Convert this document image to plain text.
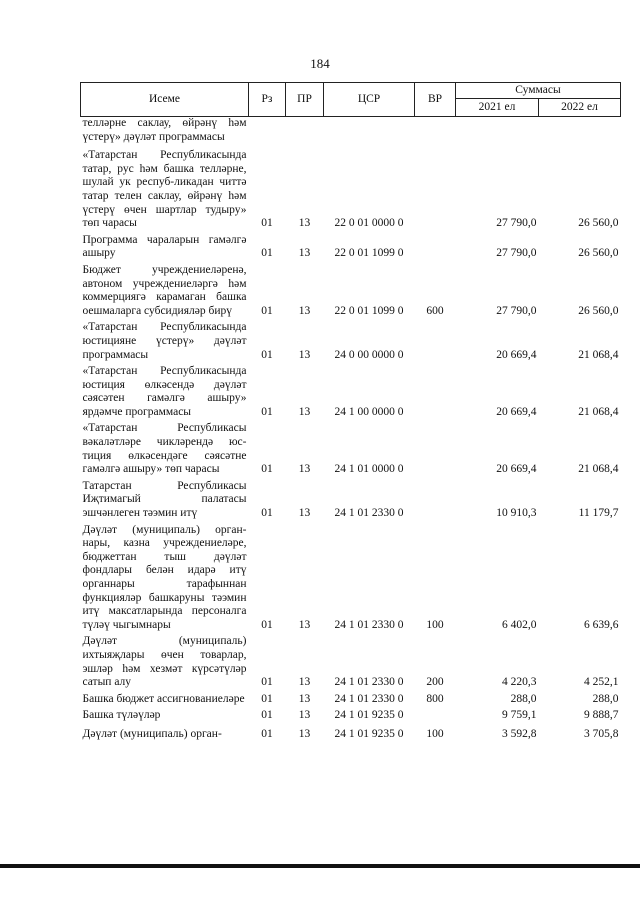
184
Исеме	Рз	ПР	ЦСР	ВР	Суммасы	
					2021 ел	2022 ел
телләрне саклау, өйрәнү һәм үстерү» дәүләт программасы						
«Татарстан Республикасында татар, рус һәм башка телләрне, шулай ук респуб-ликадан читтә татар телен саклау, өйрәнү һәм үстерү өчен шартлар тудыру» төп чарасы	01	13	22 0 01 0000 0		27 790,0	26 560,0
Программа чараларын гамәлгә ашыру	01	13	22 0 01 1099 0		27 790,0	26 560,0
Бюджет учреждениеләренә, автоном учреждениеләргә һәм коммерциягә карамаган башка оешмаларга субсидияләр бирү	01	13	22 0 01 1099 0	600	27 790,0	26 560,0
«Татарстан Республикасында юстицияне үстерү» дәүләт программасы	01	13	24 0 00 0000 0		20 669,4	21 068,4
«Татарстан Республикасында юстиция өлкәсендә дәүләт сәясәтен гамәлгә ашыру» ярдәмче программасы	01	13	24 1 00 0000 0		20 669,4	21 068,4
«Татарстан Республикасы вәкаләтләре чикләрендә юс-тиция өлкәсендәге сәясәтне гамәлгә ашыру» төп чарасы	01	13	24 1 01 0000 0		20 669,4	21 068,4
Татарстан Республикасы Иҗтимагый палатасы эшчәнлеген тәэмин итү	01	13	24 1 01 2330 0		10 910,3	11 179,7
Дәүләт (муниципаль) орган-нары, казна учреждениеләре, бюджеттан тыш дәүләт фондлары белән идарә итү органнары тарафыннан функцияләр башкаруны тәэмин итү максатларында персоналга түләү чыгымнары	01	13	24 1 01 2330 0	100	6 402,0	6 639,6
Дәүләт (муниципаль) ихтыяҗлары өчен товарлар, эшләр һәм хезмәт күрсәтүләр сатып алу	01	13	24 1 01 2330 0	200	4 220,3	4 252,1
Башка бюджет ассигнованиеләре	01	13	24 1 01 2330 0	800	288,0	288,0
Башка түләүләр	01	13	24 1 01 9235 0		9 759,1	9 888,7
Дәүләт (муниципаль) орган-	01	13	24 1 01 9235 0	100	3 592,8	3 705,8
